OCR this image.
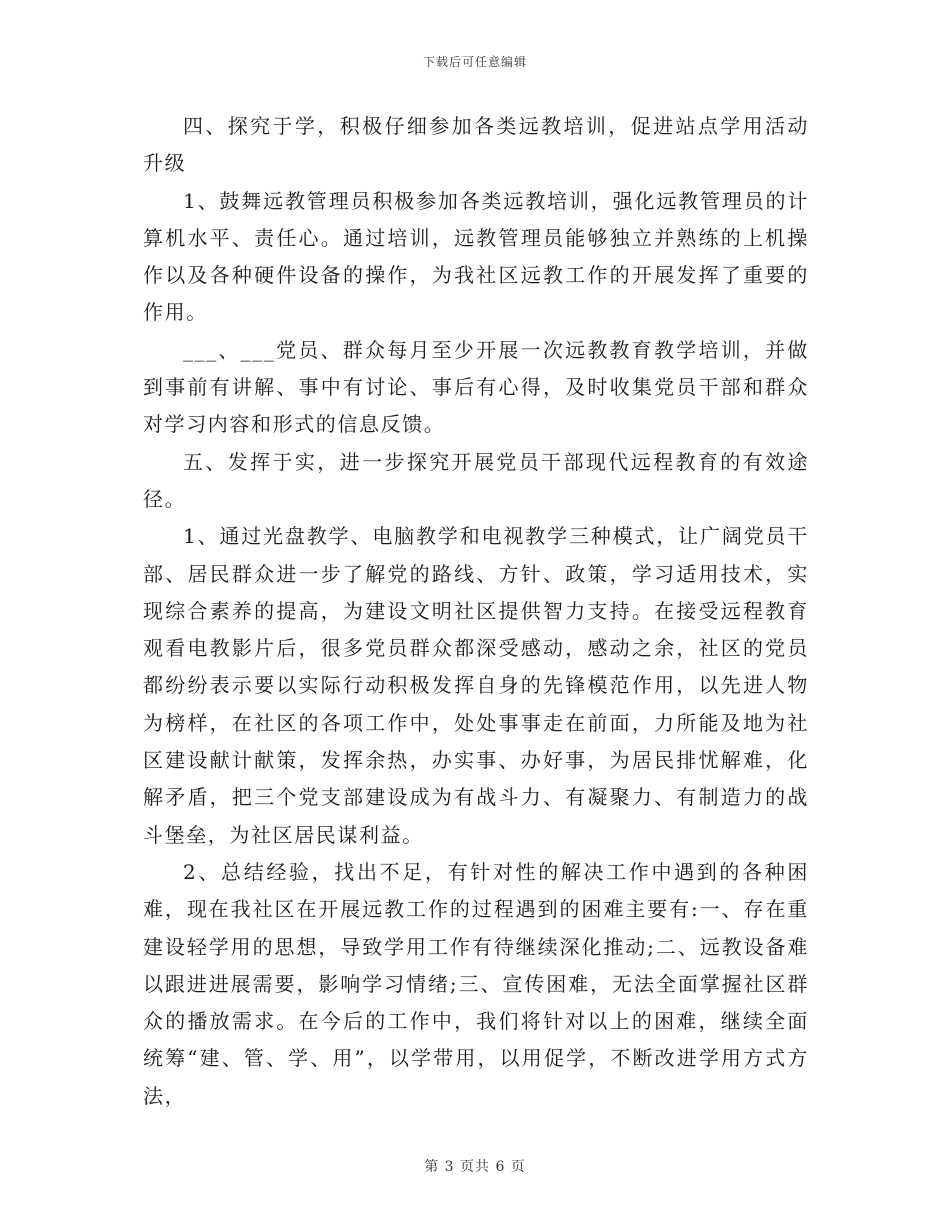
下载后可任意编辑

四、探究于学，积极仔细参加各类远教培训，促进站点学用活动升级

1、鼓舞远教管理员积极参加各类远教培训，强化远教管理员的计算机水平、责任心。通过培训，远教管理员能够独立并熟练的上机操作以及各种硬件设备的操作，为我社区远教工作的开展发挥了重要的作用。

___、___党员、群众每月至少开展一次远教教育教学培训，并做到事前有讲解、事中有讨论、事后有心得，及时收集党员干部和群众对学习内容和形式的信息反馈。

五、发挥于实，进一步探究开展党员干部现代远程教育的有效途径。

1、通过光盘教学、电脑教学和电视教学三种模式，让广阔党员干部、居民群众进一步了解党的路线、方针、政策，学习适用技术，实现综合素养的提高，为建设文明社区提供智力支持。在接受远程教育观看电教影片后，很多党员群众都深受感动，感动之余，社区的党员都纷纷表示要以实际行动积极发挥自身的先锋模范作用，以先进人物为榜样，在社区的各项工作中，处处事事走在前面，力所能及地为社区建设献计献策，发挥余热，办实事、办好事，为居民排忧解难，化解矛盾，把三个党支部建设成为有战斗力、有凝聚力、有制造力的战斗堡垒，为社区居民谋利益。

2、总结经验，找出不足，有针对性的解决工作中遇到的各种困难，现在我社区在开展远教工作的过程遇到的困难主要有:一、存在重建设轻学用的思想，导致学用工作有待继续深化推动;二、远教设备难以跟进进展需要，影响学习情绪;三、宣传困难，无法全面掌握社区群众的播放需求。在今后的工作中，我们将针对以上的困难，继续全面统筹“建、管、学、用”，以学带用，以用促学，不断改进学用方式方法，

第 3 页共 6 页
